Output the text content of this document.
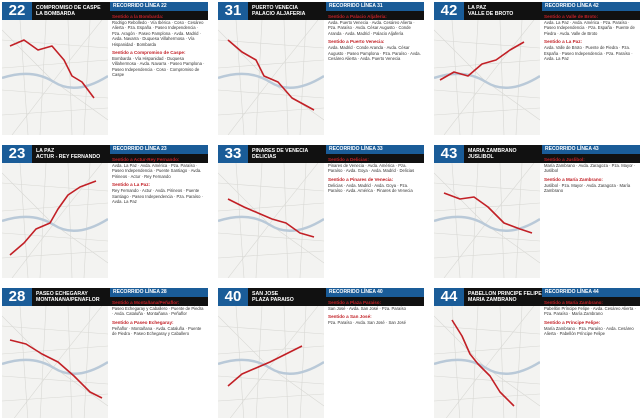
22	COMPROMISO DE CASPE
LA BOMBARDA
RECORRIDO LÍNEA 22
Sentido a la Bombarda:
Rodrigo Rebolledo · Vía Ibérica · Coso · Cesáreo Alierta · Pza. España · Paseo Independencia · Pza. Aragón · Paseo Pamplona · Avda. Madrid · Avda. Navarra · Duquesa Villahermosa · Vía Hispanidad · Bombarda
Sentido a Compromiso de Caspe:
Bombarda · Vía Hispanidad · Duquesa Villahermosa · Avda. Navarra · Paseo Pamplona · Paseo Independencia · Coso · Compromiso de Caspe
31	PUERTO VENECIA
PALACIO ALJAFERÍA
RECORRIDO LÍNEA 31
Sentido a Palacio Aljafería:
Avda. Puerto Venecia · Avda. Cesáreo Alierta · Pza. Paraíso · Avda. César Augusto · Conde Aranda · Avda. Madrid · Palacio Aljafería
Sentido a Puerto Venecia:
Avda. Madrid · Conde Aranda · Avda. César Augusto · Paseo Pamplona · Pza. Paraíso · Avda. Cesáreo Alierta · Avda. Puerto Venecia
42	LA PAZ
VALLE DE BROTO
RECORRIDO LÍNEA 42
Sentido a Valle de Broto:
Avda. La Paz · Avda. América · Pza. Paraíso · Paseo Independencia · Pza. España · Puente de Piedra · Avda. Valle de Broto
Sentido a La Paz:
Avda. Valle de Broto · Puente de Piedra · Pza. España · Paseo Independencia · Pza. Paraíso · Avda. La Paz
23	LA PAZ
ACTUR - REY FERNANDO
RECORRIDO LÍNEA 23
Sentido a Actur-Rey Fernando:
Avda. La Paz · Avda. América · Pza. Paraíso · Paseo Independencia · Puente Santiago · Avda. Pirineos · Actur · Rey Fernando
Sentido a La Paz:
Rey Fernando · Actur · Avda. Pirineos · Puente Santiago · Paseo Independencia · Pza. Paraíso · Avda. La Paz
33	PINARES DE VENECIA
DELICIAS
RECORRIDO LÍNEA 33
Sentido a Delicias:
Pinares de Venecia · Avda. América · Pza. Paraíso · Avda. Goya · Avda. Madrid · Delicias
Sentido a Pinares de Venecia:
Delicias · Avda. Madrid · Avda. Goya · Pza. Paraíso · Avda. América · Pinares de Venecia
43	MARÍA ZAMBRANO
JUSLIBOL
RECORRIDO LÍNEA 43
Sentido a Juslibol:
María Zambrano · Avda. Zaragoza · Pza. Mayor · Juslibol
Sentido a María Zambrano:
Juslibol · Pza. Mayor · Avda. Zaragoza · María Zambrano
28	PASEO ECHEGARAY
MONTAÑANA/PEÑAFLOR
RECORRIDO LÍNEA 28
Sentido a Montañana/Peñaflor:
Paseo Echegaray y Caballero · Puente de Piedra · Avda. Cataluña · Montañana · Peñaflor
Sentido a Paseo Echegaray:
Peñaflor · Montañana · Avda. Cataluña · Puente de Piedra · Paseo Echegaray y Caballero
40	SAN JOSÉ
PLAZA PARAÍSO
RECORRIDO LÍNEA 40
Sentido a Plaza Paraíso:
San José · Avda. San José · Pza. Paraíso
Sentido a San José:
Pza. Paraíso · Avda. San José · San José
44	PABELLÓN PRÍNCIPE FELIPE
MARÍA ZAMBRANO
RECORRIDO LÍNEA 44
Sentido a María Zambrano:
Pabellón Príncipe Felipe · Avda. Cesáreo Alierta · Pza. Paraíso · María Zambrano
Sentido a Príncipe Felipe:
María Zambrano · Pza. Paraíso · Avda. Cesáreo Alierta · Pabellón Príncipe Felipe
